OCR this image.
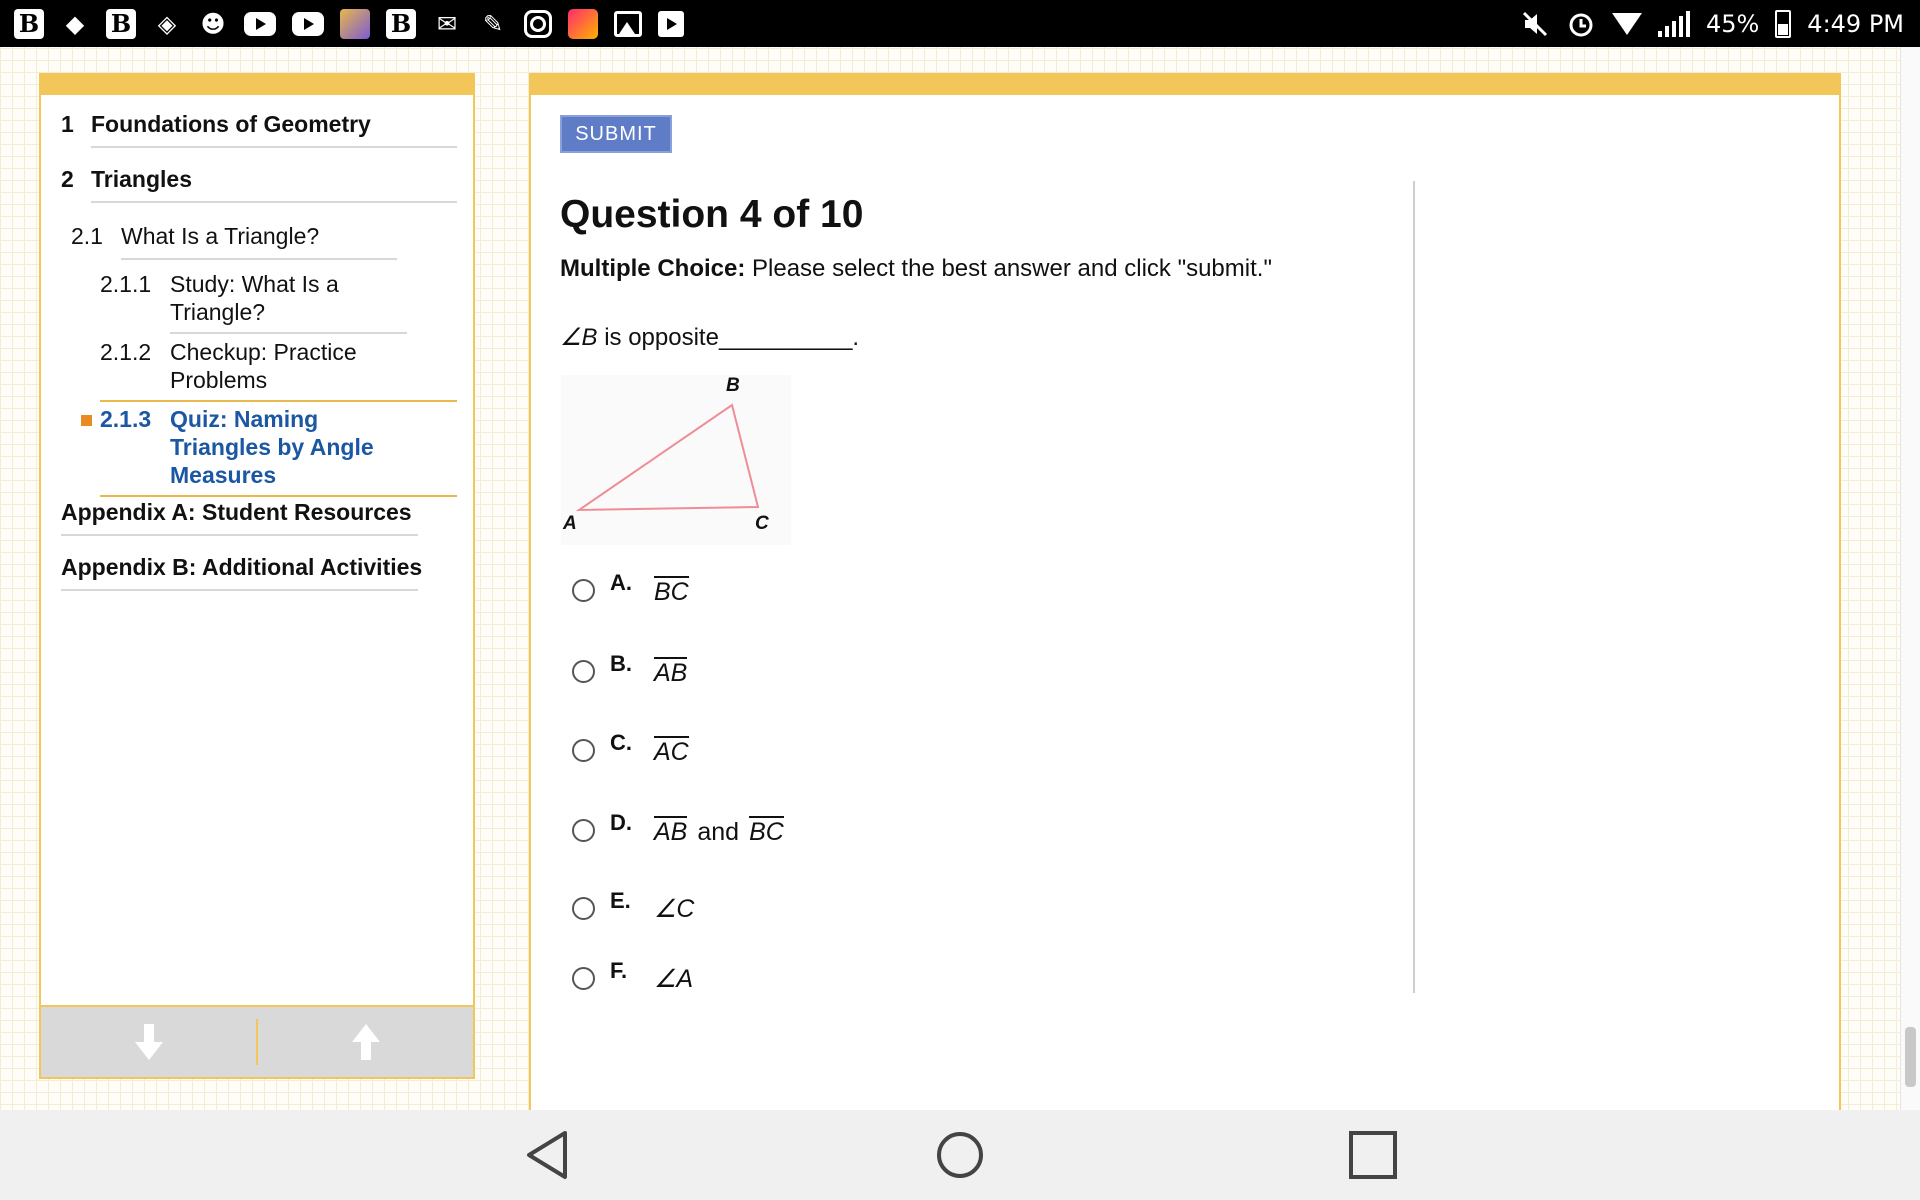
B ◆ B ◈ ☻	B ✉ ✎	45% 4:49 PM
1 Foundations of Geometry
2 Triangles
2.1 What Is a Triangle?
2.1.1 Study: What Is a
Triangle?
2.1.2 Checkup: Practice
Problems
2.1.3 Quiz: Naming
Triangles by Angle
Measures
Appendix A: Student Resources
Appendix B: Additional Activities
SUBMIT
Question 4 of 10
Multiple Choice: Please select the best answer and click "submit."
∠B is opposite__________.
B
A	C
A. BC
B. AB
C. AC
D. AB and BC
E. ∠C
F. ∠A
